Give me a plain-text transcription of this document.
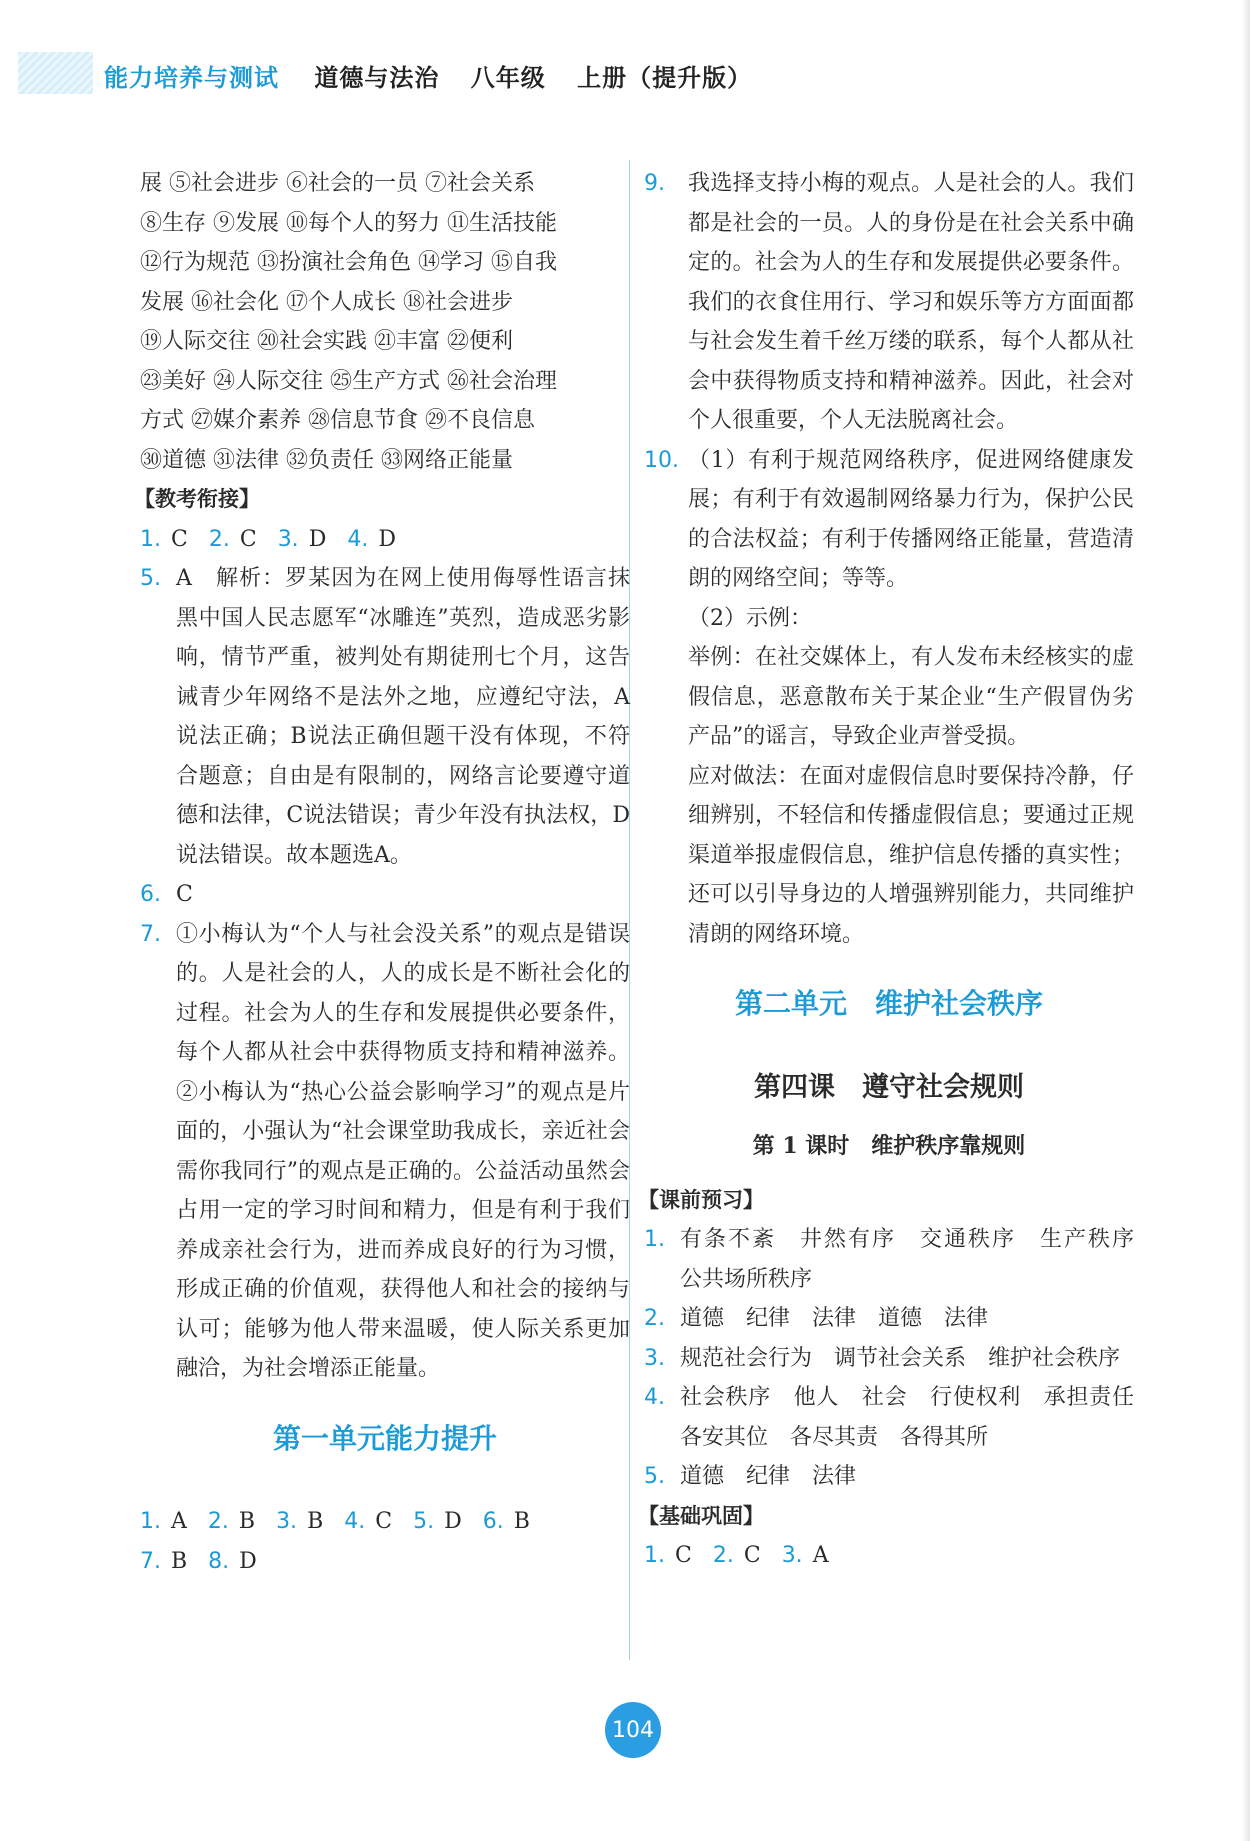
能力培养与测试 道德与法治 八年级 上册（提升版）

展 ⑤社会进步 ⑥社会的一员 ⑦社会关系

⑧生存 ⑨发展 ⑩每个人的努力 ⑪生活技能

⑫行为规范 ⑬扮演社会角色 ⑭学习 ⑮自我

发展 ⑯社会化 ⑰个人成长 ⑱社会进步

⑲人际交往 ⑳社会实践 ㉑丰富 ㉒便利

㉓美好 ㉔人际交往 ㉕生产方式 ㉖社会治理

方式 ㉗媒介素养 ㉘信息节食 ㉙不良信息

㉚道德 ㉛法律 ㉜负责任 ㉝网络正能量

【教考衔接】

1. C 2. C 3. D 4. D

5. A　解析：罗某因为在网上使用侮辱性语言抹黑中国人民志愿军“冰雕连”英烈，造成恶劣影响，情节严重，被判处有期徒刑七个月，这告诫青少年网络不是法外之地，应遵纪守法，A说法正确；B说法正确但题干没有体现，不符合题意；自由是有限制的，网络言论要遵守道德和法律，C说法错误；青少年没有执法权，D说法错误。故本题选A。
6. C
7. ①小梅认为“个人与社会没关系”的观点是错误的。人是社会的人，人的成长是不断社会化的过程。社会为人的生存和发展提供必要条件，每个人都从社会中获得物质支持和精神滋养。②小梅认为“热心公益会影响学习”的观点是片面的，小强认为“社会课堂助我成长，亲近社会需你我同行”的观点是正确的。公益活动虽然会占用一定的学习时间和精力，但是有利于我们养成亲社会行为，进而养成良好的行为习惯，形成正确的价值观，获得他人和社会的接纳与认可；能够为他人带来温暖，使人际关系更加融洽，为社会增添正能量。

第一单元能力提升

1. A 2. B 3. B 4. C 5. D 6. B

7. B 8. D

9.	我选择支持小梅的观点。人是社会的人。我们都是社会的一员。人的身份是在社会关系中确定的。社会为人的生存和发展提供必要条件。我们的衣食住用行、学习和娱乐等方方面面都与社会发生着千丝万缕的联系，每个人都从社会中获得物质支持和精神滋养。因此，社会对个人很重要，个人无法脱离社会。
10. （1）有利于规范网络秩序，促进网络健康发展；有利于有效遏制网络暴力行为，保护公民的合法权益；有利于传播网络正能量，营造清朗的网络空间；等等。

（2）示例：

举例：在社交媒体上，有人发布未经核实的虚假信息，恶意散布关于某企业“生产假冒伪劣产品”的谣言，导致企业声誉受损。

应对做法：在面对虚假信息时要保持冷静，仔细辨别，不轻信和传播虚假信息；要通过正规渠道举报虚假信息，维护信息传播的真实性；还可以引导身边的人增强辨别能力，共同维护清朗的网络环境。

第二单元　维护社会秩序

第四课　遵守社会规则

第 1 课时　维护秩序靠规则

【课前预习】

1. 有条不紊　井然有序　交通秩序　生产秩序　公共场所秩序
2. 道德　纪律　法律　道德　法律
3. 规范社会行为　调节社会关系　维护社会秩序
4. 社会秩序　他人　社会　行使权利　承担责任　各安其位　各尽其责　各得其所
5. 道德　纪律　法律

【基础巩固】

1. C 2. C 3. A

104
